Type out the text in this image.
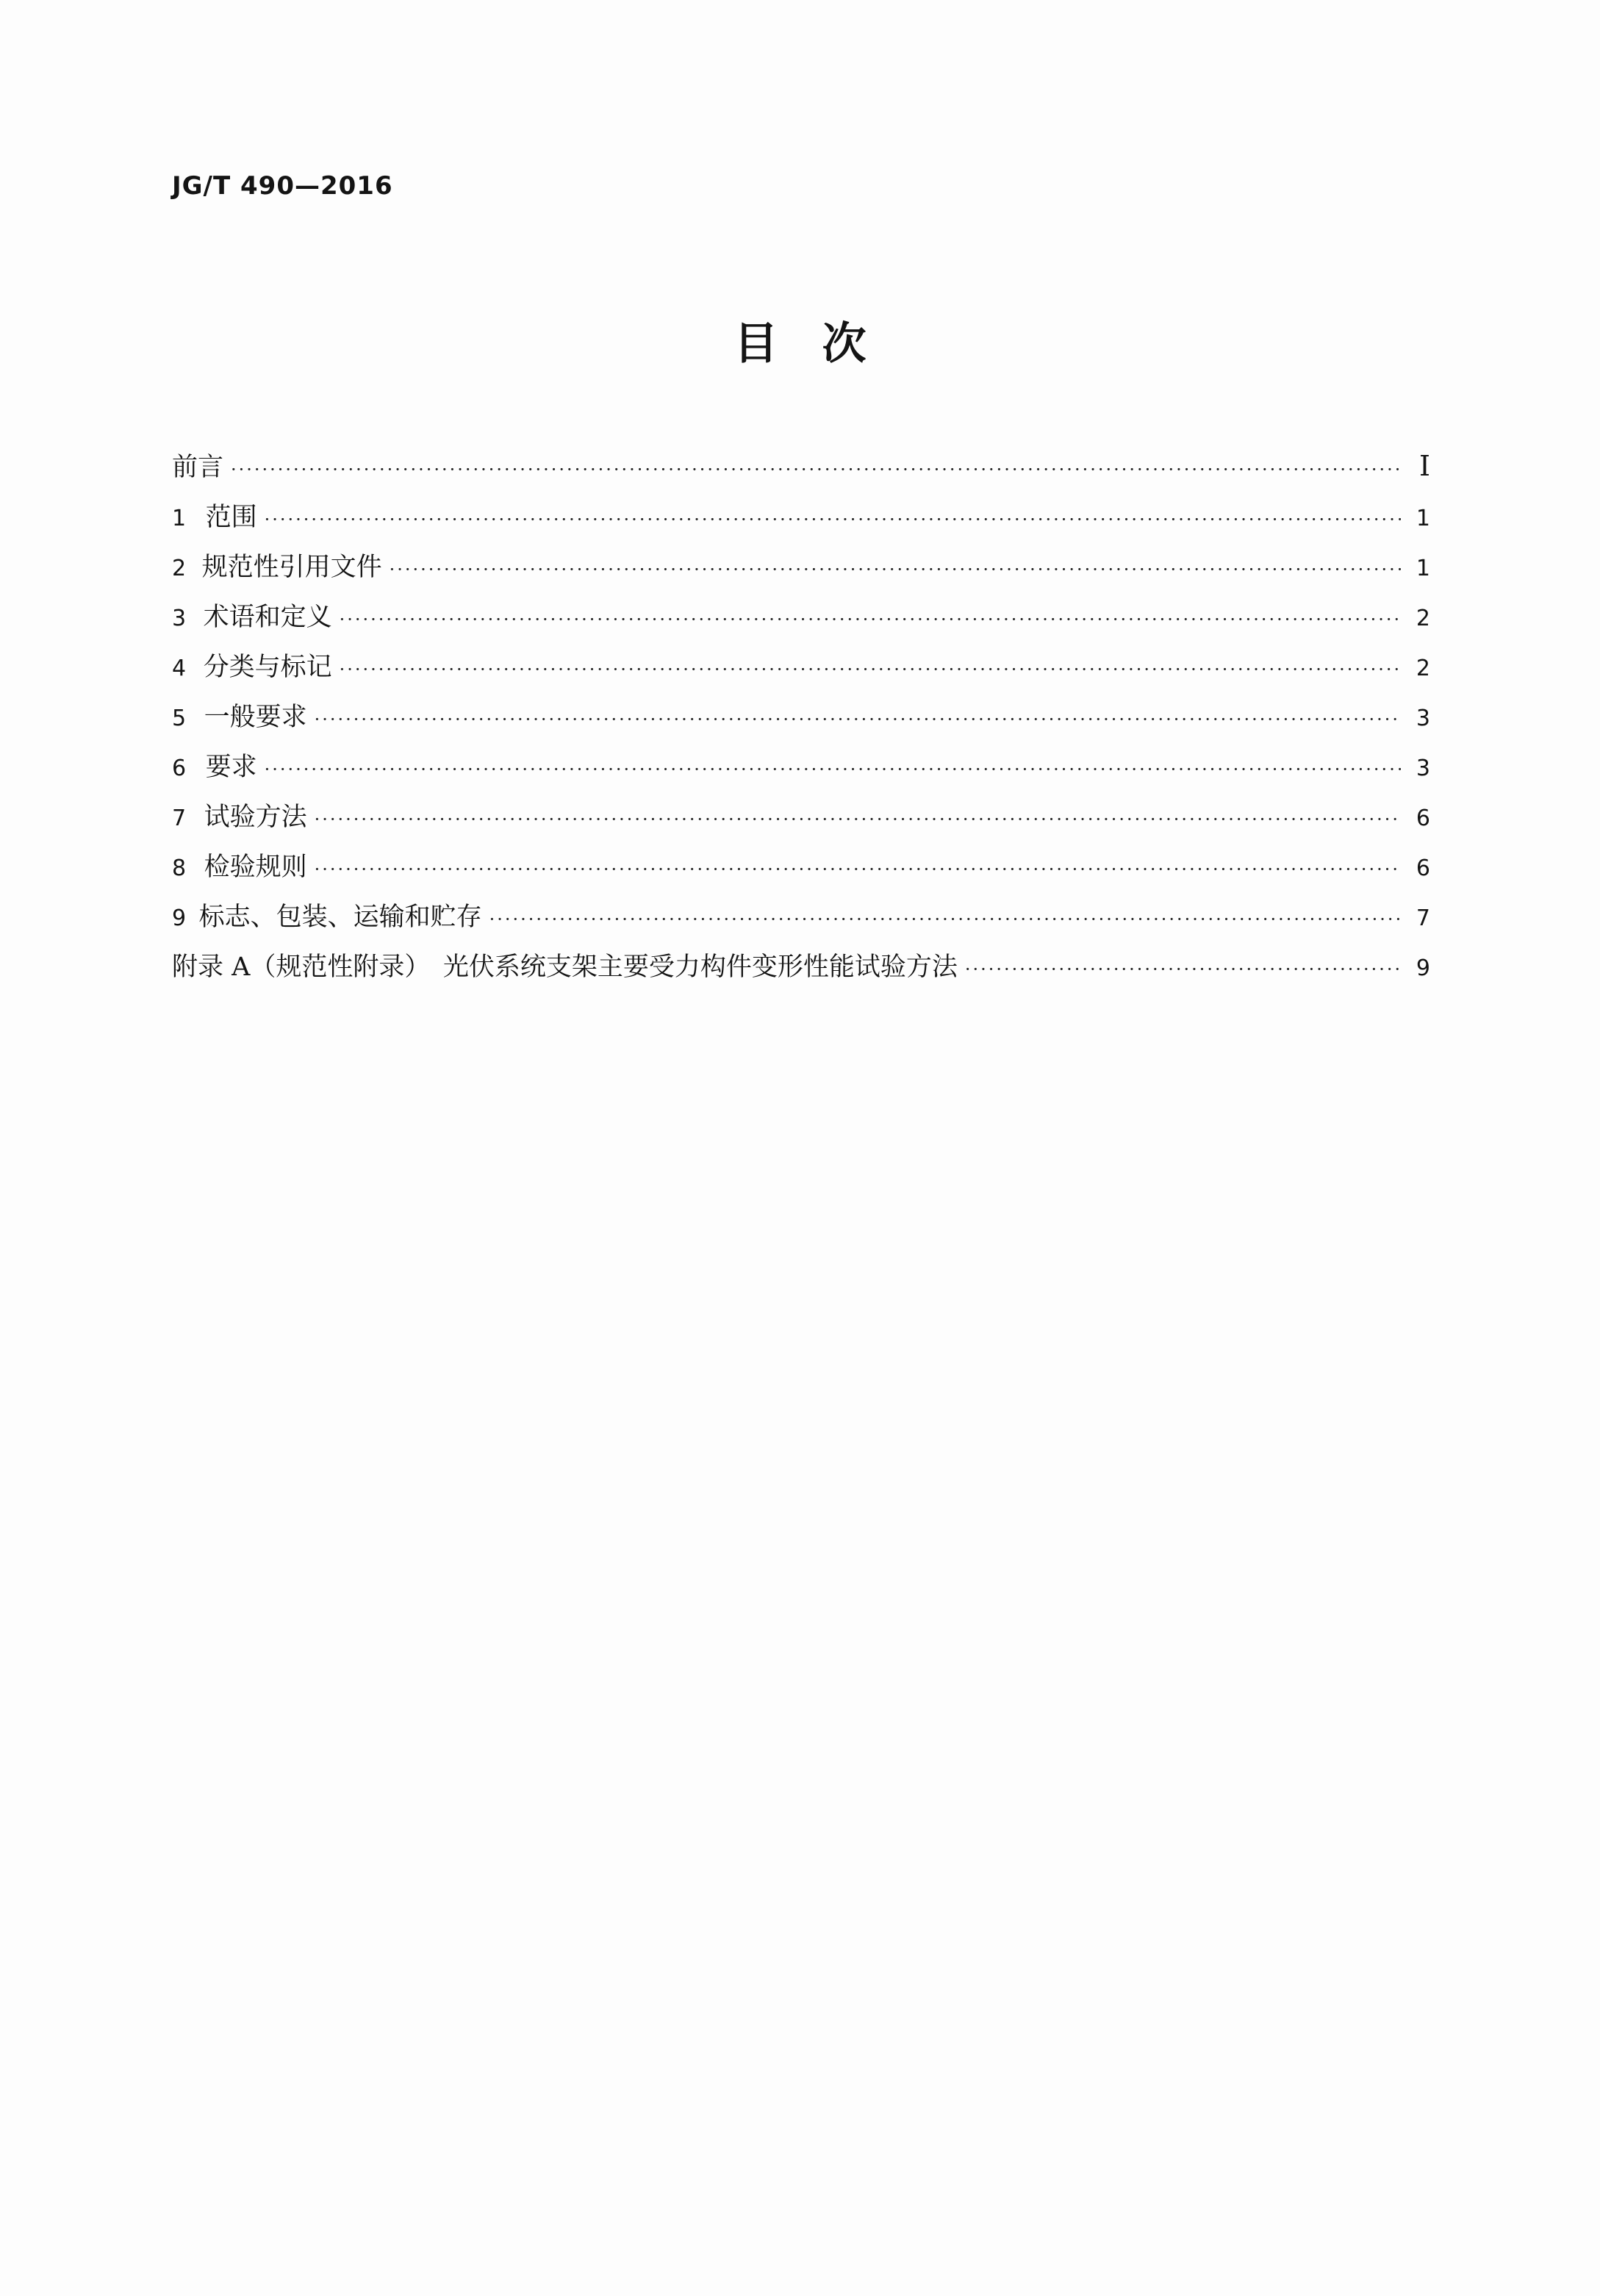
JG/T 490—2016
目　次
前言 ·····	I
1 范围 ·····	1
2 规范性引用文件 ·····	1
3 术语和定义 ·····	2
4 分类与标记 ·····	2
5 一般要求 ·····	3
6 要求 ·····	3
7 试验方法 ·····	6
8 检验规则 ·····	6
9 标志、包装、运输和贮存 ·····	7
附录 A（规范性附录）　光伏系统支架主要受力构件变形性能试验方法 ·····	9
